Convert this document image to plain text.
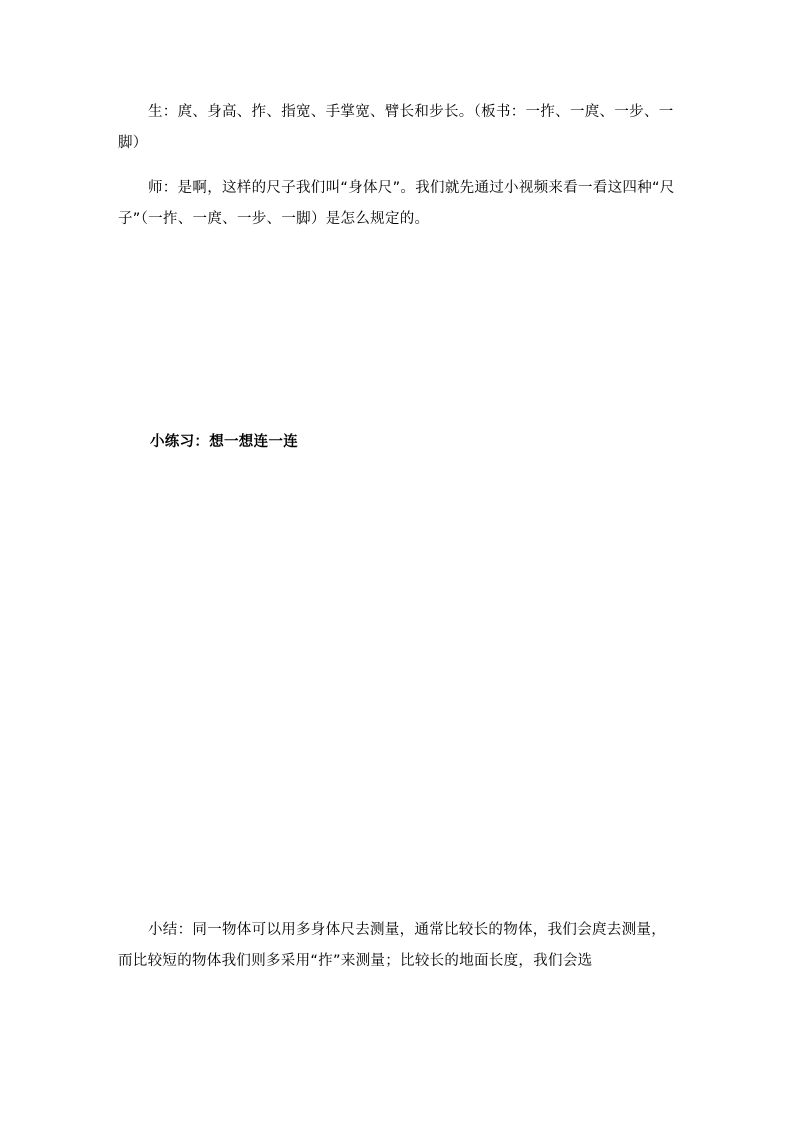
生：庹、身高、拃、指宽、手掌宽、臂长和步长。（板书：一拃、一庹、一步、一脚）

师：是啊，这样的尺子我们叫“身体尺”。我们就先通过小视频来看一看这四种“尺子”（一拃、一庹、一步、一脚）是怎么规定的。

小练习：想一想连一连

小结：同一物体可以用多身体尺去测量，通常比较长的物体，我们会庹去测量，而比较短的物体我们则多采用“拃”来测量；比较长的地面长度，我们会选
